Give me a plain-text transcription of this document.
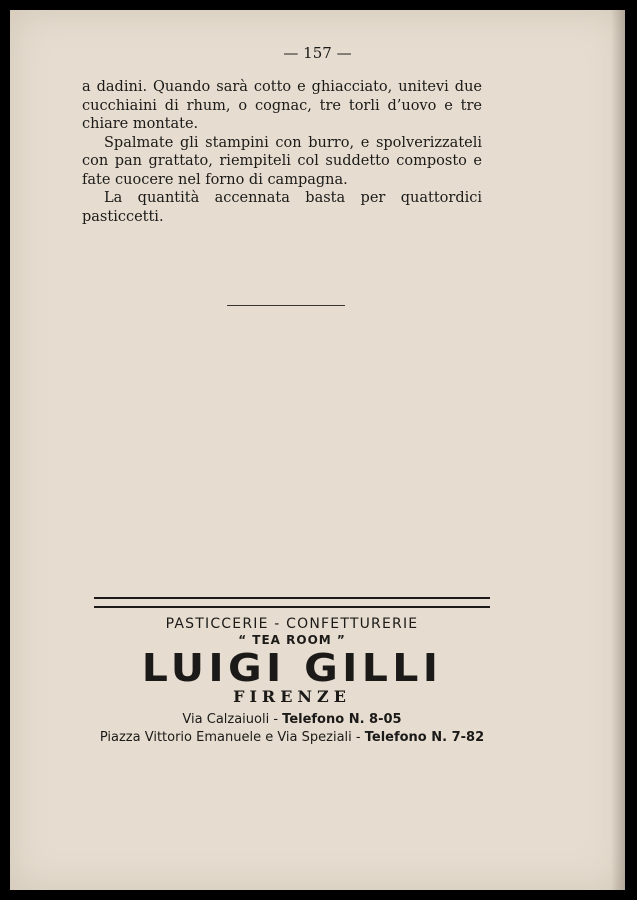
— 157 —

a dadini. Quando sarà cotto e ghiacciato, unitevi due

cucchiaini di rhum, o cognac, tre torli d’uovo e tre

chiare montate.

Spalmate gli stampini con burro, e spolverizzateli

con pan grattato, riempiteli col suddetto composto e

fate cuocere nel forno di campagna.

La quantità accennata basta per quattordici pasticcetti.

PASTICCERIE - CONFETTURERIE
“ TEA ROOM ”
LUIGI GILLI
FIRENZE
Via Calzaiuoli - Telefono N. 8-05
Piazza Vittorio Emanuele e Via Speziali - Telefono N. 7-82
